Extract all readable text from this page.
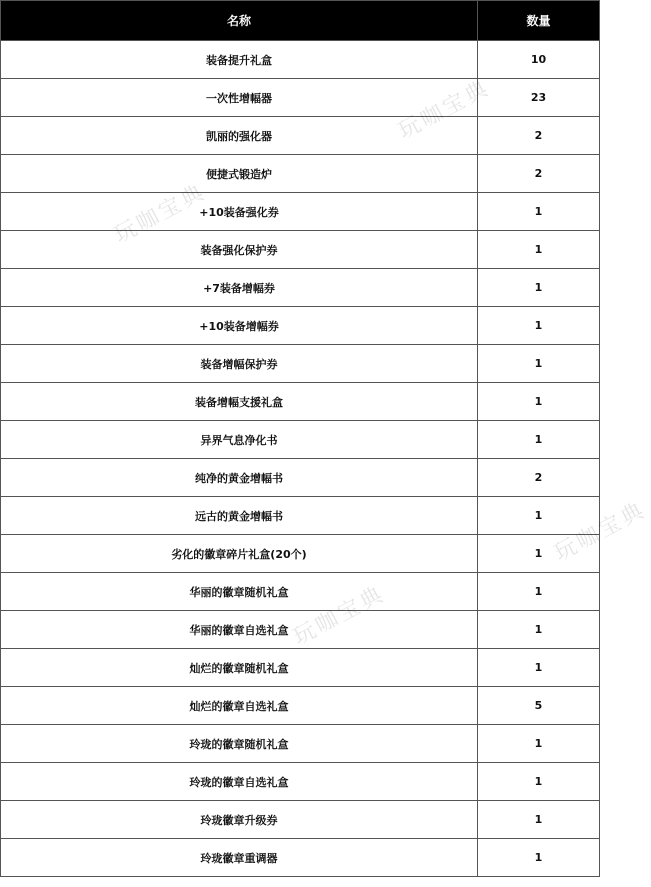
名称	数量
装备提升礼盒	10
一次性增幅器	23
凯丽的强化器	2
便捷式锻造炉	2
+10装备强化券	1
装备强化保护券	1
+7装备增幅券	1
+10装备增幅券	1
装备增幅保护券	1
装备增幅支援礼盒	1
异界气息净化书	1
纯净的黄金增幅书	2
远古的黄金增幅书	1
劣化的徽章碎片礼盒(20个)	1
华丽的徽章随机礼盒	1
华丽的徽章自选礼盒	1
灿烂的徽章随机礼盒	1
灿烂的徽章自选礼盒	5
玲珑的徽章随机礼盒	1
玲珑的徽章自选礼盒	1
玲珑徽章升级券	1
玲珑徽章重调器	1
玩咖宝典
玩咖宝典
玩咖宝典
玩咖宝典
